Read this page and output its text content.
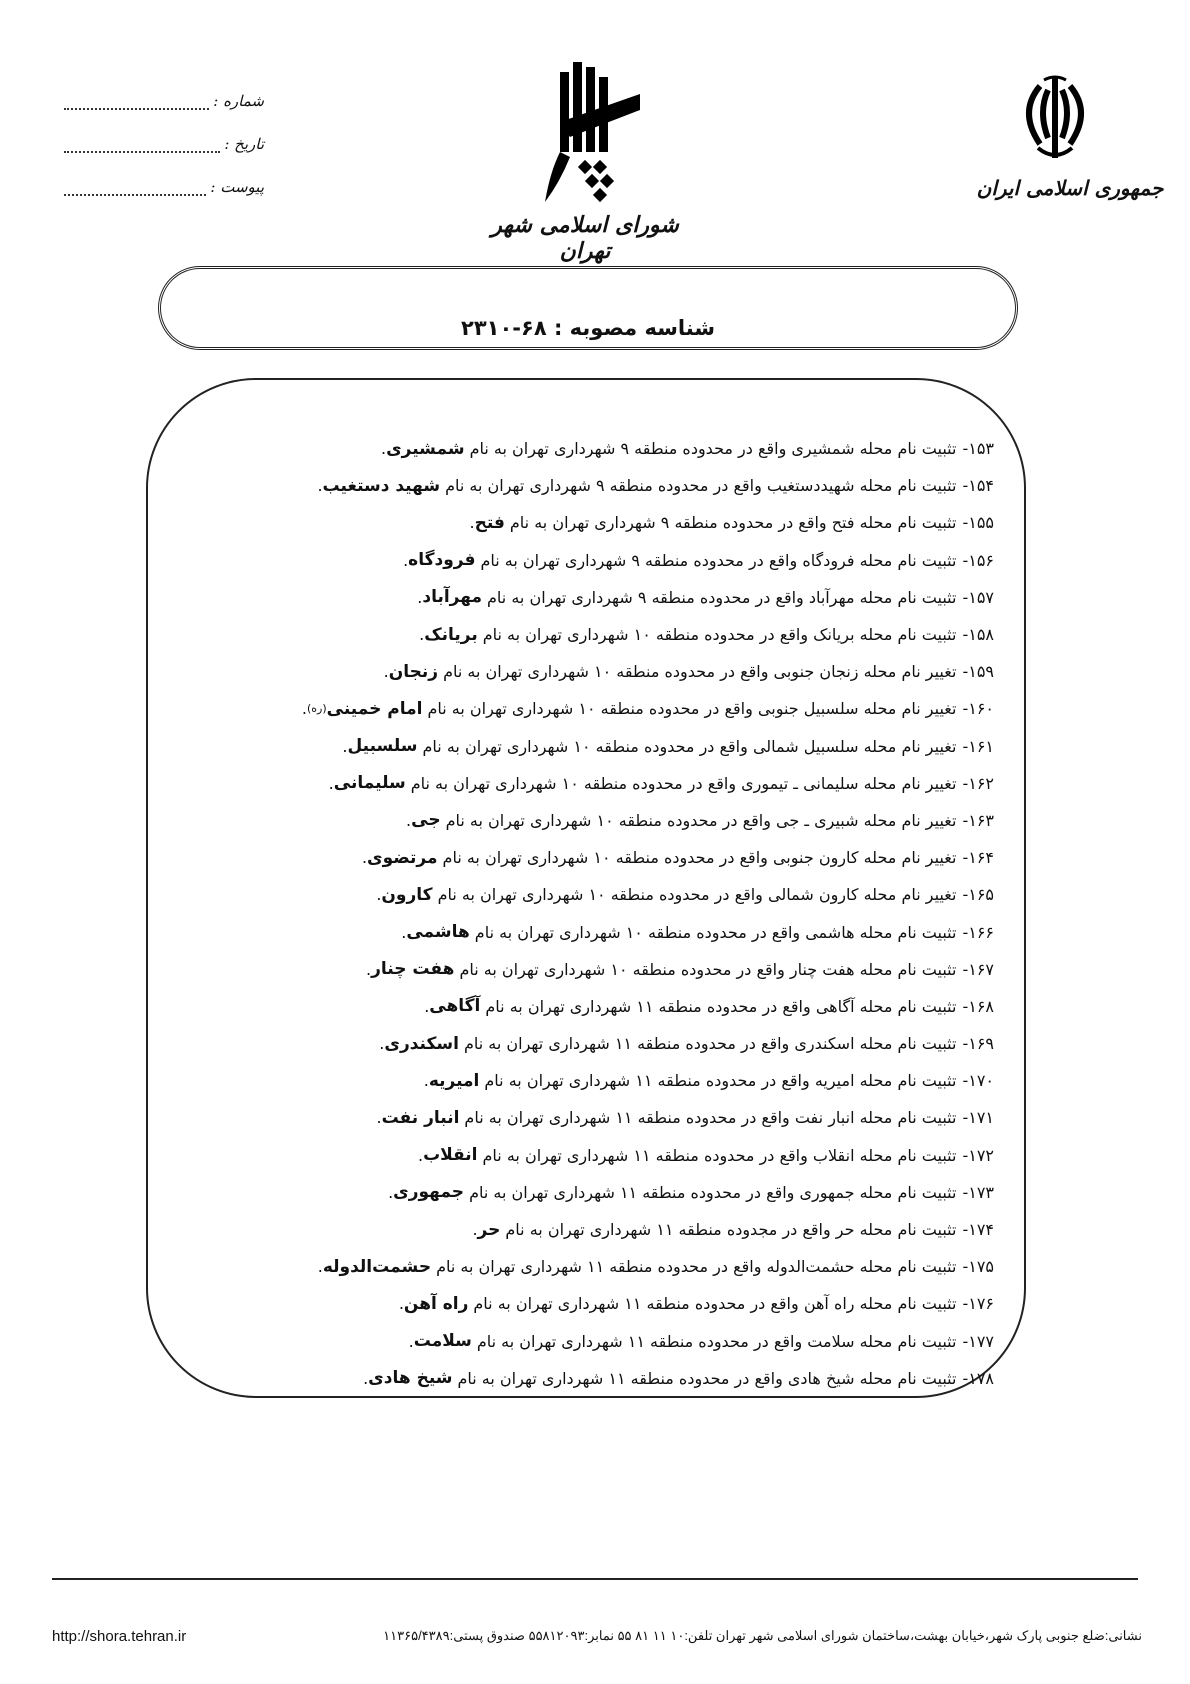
شماره :
تاریخ :
پیوست :
شورای اسلامی شهر تهران
جمهوری اسلامی ایران
شناسه مصوبه : ۶۸-۲۳۱۰
۱۵۳-
تثبیت نام محله شمشیری واقع در محدوده منطقه ۹ شهرداری تهران به نام
شمشیری
.
۱۵۴-
تثبیت نام محله شهیددستغیب واقع در محدوده منطقه ۹ شهرداری تهران به نام
شهید دستغیب
.
۱۵۵-
تثبیت نام محله فتح واقع در محدوده منطقه ۹ شهرداری تهران به نام
فتح
.
۱۵۶-
تثبیت نام محله فرودگاه واقع در محدوده منطقه ۹ شهرداری تهران به نام
فرودگاه
.
۱۵۷-
تثبیت نام محله مهرآباد واقع در محدوده منطقه ۹ شهرداری تهران به نام
مهرآباد
.
۱۵۸-
تثبیت نام محله بریانک واقع در محدوده منطقه ۱۰ شهرداری تهران به نام
بریانک
.
۱۵۹-
تغییر نام محله زنجان جنوبی واقع در محدوده منطقه ۱۰ شهرداری تهران به نام
زنجان
.
۱۶۰-
تغییر نام محله سلسبیل جنوبی واقع در محدوده منطقه ۱۰ شهرداری تهران به نام
امام خمینی
(ره)
.
۱۶۱-
تغییر نام محله سلسبیل شمالی واقع در محدوده منطقه ۱۰ شهرداری تهران به نام
سلسبیل
.
۱۶۲-
تغییر نام محله سلیمانی ـ تیموری واقع در محدوده منطقه ۱۰ شهرداری تهران به نام
سلیمانی
.
۱۶۳-
تغییر نام محله شبیری ـ جی واقع در محدوده منطقه ۱۰ شهرداری تهران به نام
جی
.
۱۶۴-
تغییر نام محله کارون جنوبی واقع در محدوده منطقه ۱۰ شهرداری تهران به نام
مرتضوی
.
۱۶۵-
تغییر نام محله کارون شمالی واقع در محدوده منطقه ۱۰ شهرداری تهران به نام
کارون
.
۱۶۶-
تثبیت نام محله هاشمی واقع در محدوده منطقه ۱۰ شهرداری تهران به نام
هاشمی
.
۱۶۷-
تثبیت نام محله هفت چنار واقع در محدوده منطقه ۱۰ شهرداری تهران به نام
هفت چنار
.
۱۶۸-
تثبیت نام محله آگاهی واقع در محدوده منطقه ۱۱ شهرداری تهران به نام
آگاهی
.
۱۶۹-
تثبیت نام محله اسکندری واقع در محدوده منطقه ۱۱ شهرداری تهران به نام
اسکندری
.
۱۷۰-
تثبیت نام محله امیریه واقع در محدوده منطقه ۱۱ شهرداری تهران به نام
امیریه
.
۱۷۱-
تثبیت نام محله انبار نفت واقع در محدوده منطقه ۱۱ شهرداری تهران به نام
انبار نفت
.
۱۷۲-
تثبیت نام محله انقلاب واقع در محدوده منطقه ۱۱ شهرداری تهران به نام
انقلاب
.
۱۷۳-
تثبیت نام محله جمهوری واقع در محدوده منطقه ۱۱ شهرداری تهران به نام
جمهوری
.
۱۷۴-
تثبیت نام محله حر واقع در مجدوده منطقه ۱۱ شهرداری تهران به نام
حر
.
۱۷۵-
تثبیت نام محله حشمت‌الدوله واقع در محدوده منطقه ۱۱ شهرداری تهران به نام
حشمت‌الدوله
.
۱۷۶-
تثبیت نام محله راه آهن واقع در محدوده منطقه ۱۱ شهرداری تهران به نام
راه آهن
.
۱۷۷-
تثبیت نام محله سلامت واقع در محدوده منطقه ۱۱ شهرداری تهران به نام
سلامت
.
۱۷۸-
تثبیت نام محله شیخ هادی واقع در محدوده منطقه ۱۱ شهرداری تهران به نام
شیخ هادی
.
نشانی:ضلع جنوبی پارک شهر،خیابان بهشت،ساختمان شورای اسلامی شهر تهران تلفن:۱۰ ۱۱ ۸۱ ۵۵ نمابر:۵۵۸۱۲۰۹۳ صندوق پستی:۱۱۳۶۵/۴۳۸۹
http://shora.tehran.ir
